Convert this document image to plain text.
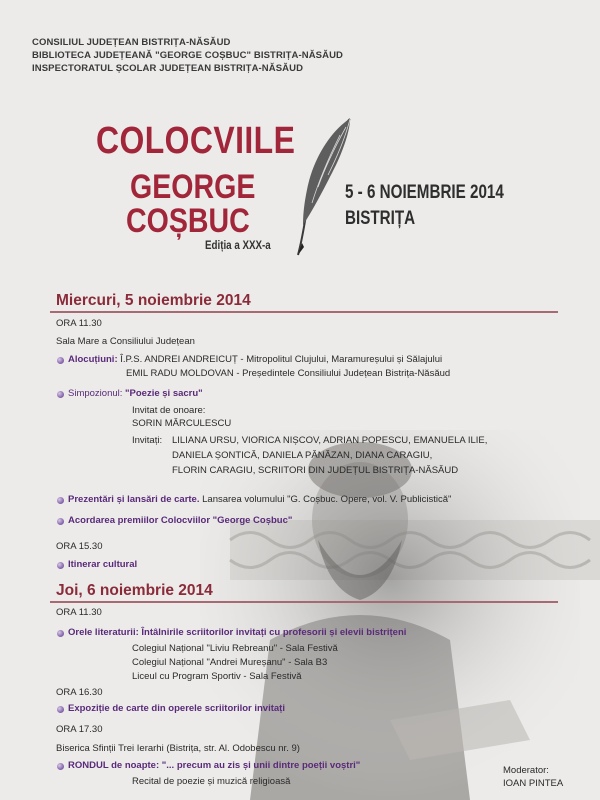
CONSILIUL JUDEȚEAN BISTRIȚA-NĂSĂUD
BIBLIOTECA JUDEȚEANĂ "GEORGE COȘBUC" BISTRIȚA-NĂSĂUD
INSPECTORATUL ȘCOLAR JUDEȚEAN BISTRIȚA-NĂSĂUD
COLOCVIILE
GEORGE
COȘBUC
Ediția a XXX-a
5 - 6 NOIEMBRIE 2014
BISTRIȚA
Miercuri, 5 noiembrie 2014
ORA 11.30
Sala Mare a Consiliului Județean
Alocuțiuni: Î.P.S. ANDREI ANDREICUȚ - Mitropolitul Clujului, Maramureșului și Sălajului
EMIL RADU MOLDOVAN - Președintele Consiliului Județean Bistrița-Năsăud
Simpozionul: "Poezie și sacru"
Invitat de onoare:
SORIN MĂRCULESCU
Invitați: LILIANA URSU, VIORICA NIȘCOV, ADRIAN POPESCU, EMANUELA ILIE,
DANIELA ȘONTICĂ, DANIELA PĂNĂZAN, DIANA CARAGIU,
FLORIN CARAGIU, SCRIITORI DIN JUDEȚUL BISTRIȚA-NĂSĂUD
Prezentări și lansări de carte. Lansarea volumului "G. Coșbuc. Opere, vol. V. Publicistică"
Acordarea premiilor Colocviilor "George Coșbuc"
ORA 15.30
Itinerar cultural
Joi, 6 noiembrie 2014
ORA 11.30
Orele literaturii: Întâlnirile scriitorilor invitați cu profesorii și elevii bistrițeni
Colegiul Național "Liviu Rebreanu" - Sala Festivă
Colegiul Național "Andrei Mureșanu" - Sala B3
Liceul cu Program Sportiv - Sala Festivă
ORA 16.30
Expoziție de carte din operele scriitorilor invitați
ORA 17.30
Biserica Sfinții Trei Ierarhi (Bistrița, str. Al. Odobescu nr. 9)
RONDUL de noapte: "... precum au zis și unii dintre poeții voștri"
Recital de poezie și muzică religioasă
Moderator:
IOAN PINTEA
